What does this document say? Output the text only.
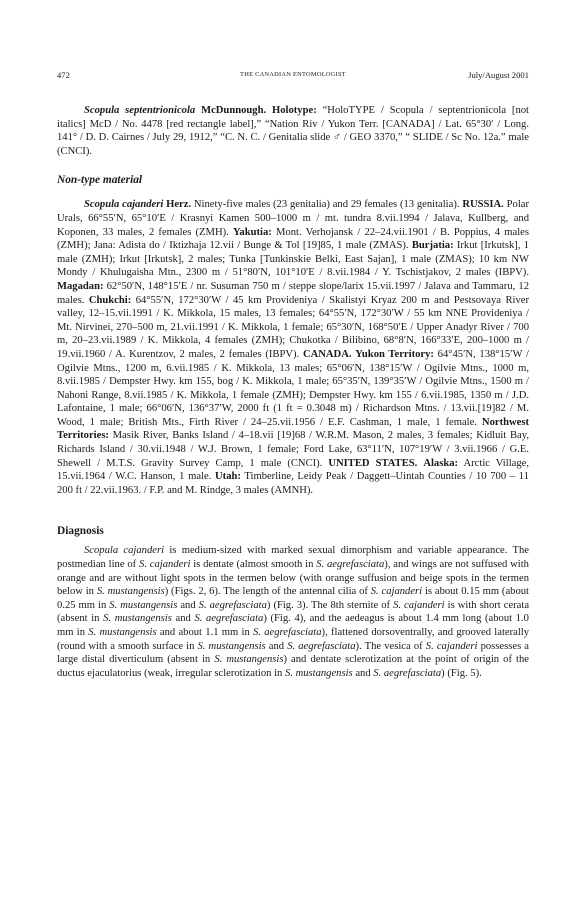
472	THE CANADIAN ENTOMOLOGIST	July/August 2001

Scopula septentrionicola McDunnough. Holotype: “HoloTYPE / Scopula / septentrionicola [not italics] McD / No. 4478 [red rectangle label],” “Nation Riv / Yukon Terr. [CANADA] / Lat. 65°30′ / Long. 141° / D. D. Cairnes / July 29, 1912,” “C. N. C. / Genitalia slide ♂ / GEO 3370,” “ SLIDE / Sc No. 12a.” male (CNCI).

Non-type material

Scopula cajanderi Herz. Ninety-five males (23 genitalia) and 29 females (13 genitalia). RUSSIA. Polar Urals, 66°55′N, 65°10′E / Krasnyi Kamen 500–1000 m / mt. tundra 8.vii.1994 / Jalava, Kullberg, and Koponen, 33 males, 2 females (ZMH). Yakutia: Mont. Verhojansk / 22–24.vii.1901 / B. Poppius, 4 males (ZMH); Jana: Adista do / Iktizhaja 12.vii / Bunge & Tol [19]85, 1 male (ZMAS). Burjatia: Irkut [Irkutsk], 1 male (ZMH); Irkut [Irkutsk], 2 males; Tunka [Tunkinskie Belki, East Sajan], 1 male (ZMAS); 10 km NW Mondy / Khulugaisha Mtn., 2300 m / 51°80′N, 101°10′E / 8.vii.1984 / Y. Tschistjakov, 2 males (IBPV). Magadan: 62°50′N, 148°15′E / nr. Susuman 750 m / steppe slope/larix 15.vii.1997 / Jalava and Tammaru, 12 males. Chukchi: 64°55′N, 172°30′W / 45 km Provideniya / Skalistyi Kryaz 200 m and Pestsovaya River valley, 12–15.vii.1991 / K. Mikkola, 15 males, 13 females; 64°55′N, 172°30′W / 55 km NNE Provideniya / Mt. Nirvinei, 270–500 m, 21.vii.1991 / K. Mikkola, 1 female; 65°30′N, 168°50′E / Upper Anadyr River / 700 m, 20–23.vii.1989 / K. Mikkola, 4 females (ZMH); Chukotka / Bilibino, 68°8′N, 166°33′E, 200–1000 m / 19.vii.1960 / A. Kurentzov, 2 males, 2 females (IBPV). CANADA. Yukon Territory: 64°45′N, 138°15′W / Ogilvie Mtns., 1200 m, 6.vii.1985 / K. Mikkola, 13 males; 65°06′N, 138°15′W / Ogilvie Mtns., 1000 m, 8.vii.1985 / Dempster Hwy. km 155, bog / K. Mikkola, 1 male; 65°35′N, 139°35′W / Ogilvie Mtns., 1500 m / Nahoni Range, 8.vii.1985 / K. Mikkola, 1 female (ZMH); Dempster Hwy. km 155 / 6.vii.1985, 1350 m / J.D. Lafontaine, 1 male; 66°06′N, 136°37′W, 2000 ft (1 ft = 0.3048 m) / Richardson Mtns. / 13.vii.[19]82 / M. Wood, 1 male; British Mts., Firth River / 24–25.vii.1956 / E.F. Cashman, 1 male, 1 female. Northwest Territories: Masik River, Banks Island / 4–18.vii [19]68 / W.R.M. Mason, 2 males, 3 females; Kidluit Bay, Richards Island / 30.vii.1948 / W.J. Brown, 1 female; Ford Lake, 63°11′N, 107°19′W / 3.vii.1966 / G.E. Shewell / M.T.S. Gravity Survey Camp, 1 male (CNCI). UNITED STATES. Alaska: Arctic Village, 15.vii.1964 / W.C. Hanson, 1 male. Utah: Timberline, Leidy Peak / Daggett–Uintah Counties / 10 700 – 11 200 ft / 22.vii.1963. / F.P. and M. Rindge, 3 males (AMNH).

Diagnosis

Scopula cajanderi is medium-sized with marked sexual dimorphism and variable appearance. The postmedian line of S. cajanderi is dentate (almost smooth in S. aegrefasciata), and wings are not suffused with orange and are without light spots in the termen below (with orange suffusion and beige spots in the termen below in S. mustangensis) (Figs. 2, 6). The length of the antennal cilia of S. cajanderi is about 0.15 mm (about 0.25 mm in S. mustangensis and S. aegrefasciata) (Fig. 3). The 8th sternite of S. cajanderi is with short cerata (absent in S. mustangensis and S. aegrefasciata) (Fig. 4), and the aedeagus is about 1.4 mm long (about 1.0 mm in S. mustangensis and about 1.1 mm in S. aegrefasciata), flattened dorsoventrally, and grooved laterally (round with a smooth surface in S. mustangensis and S. aegrefasciata). The vesica of S. cajanderi possesses a large distal diverticulum (absent in S. mustangensis) and dentate sclerotization at the point of origin of the ductus ejaculatorius (weak, irregular sclerotization in S. mustangensis and S. aegrefasciata) (Fig. 5).
